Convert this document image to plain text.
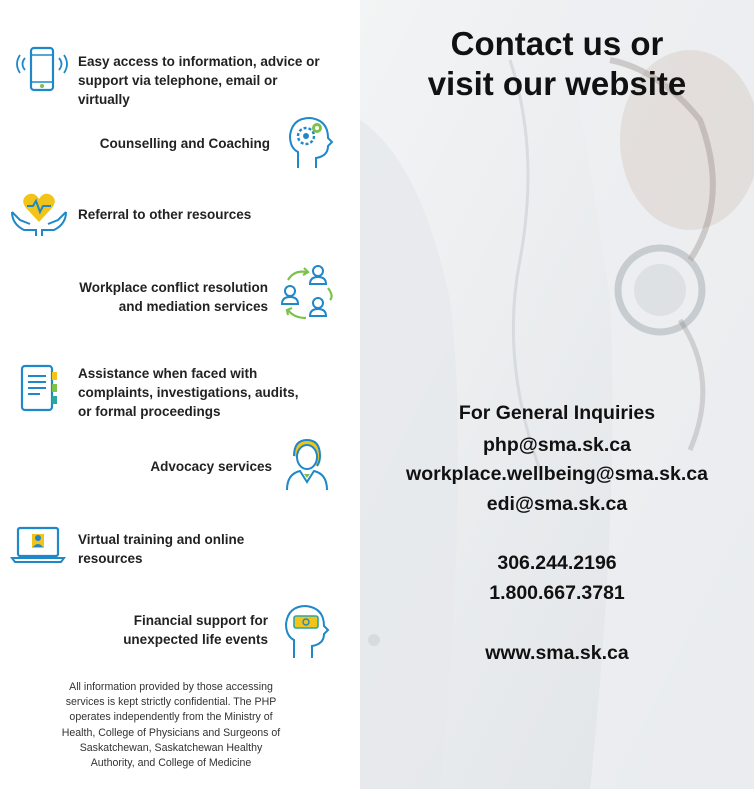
Easy access to information, advice or
support via telephone, email or
virtually
Counselling and Coaching
Referral to other resources
Workplace conflict resolution
and mediation services
Assistance when faced with
complaints, investigations, audits,
or formal proceedings
Advocacy services
Virtual training and online
resources
Financial support for
unexpected life events
All information provided by those accessing
services is kept strictly confidential. The PHP
operates independently from the Ministry of
Health, College of Physicians and Surgeons of
Saskatchewan, Saskatchewan Healthy
Authority, and College of Medicine
Contact us or
visit our website
For General Inquiries
php@sma.sk.ca
workplace.wellbeing@sma.sk.ca
edi@sma.sk.ca
306.244.2196
1.800.667.3781
www.sma.sk.ca
